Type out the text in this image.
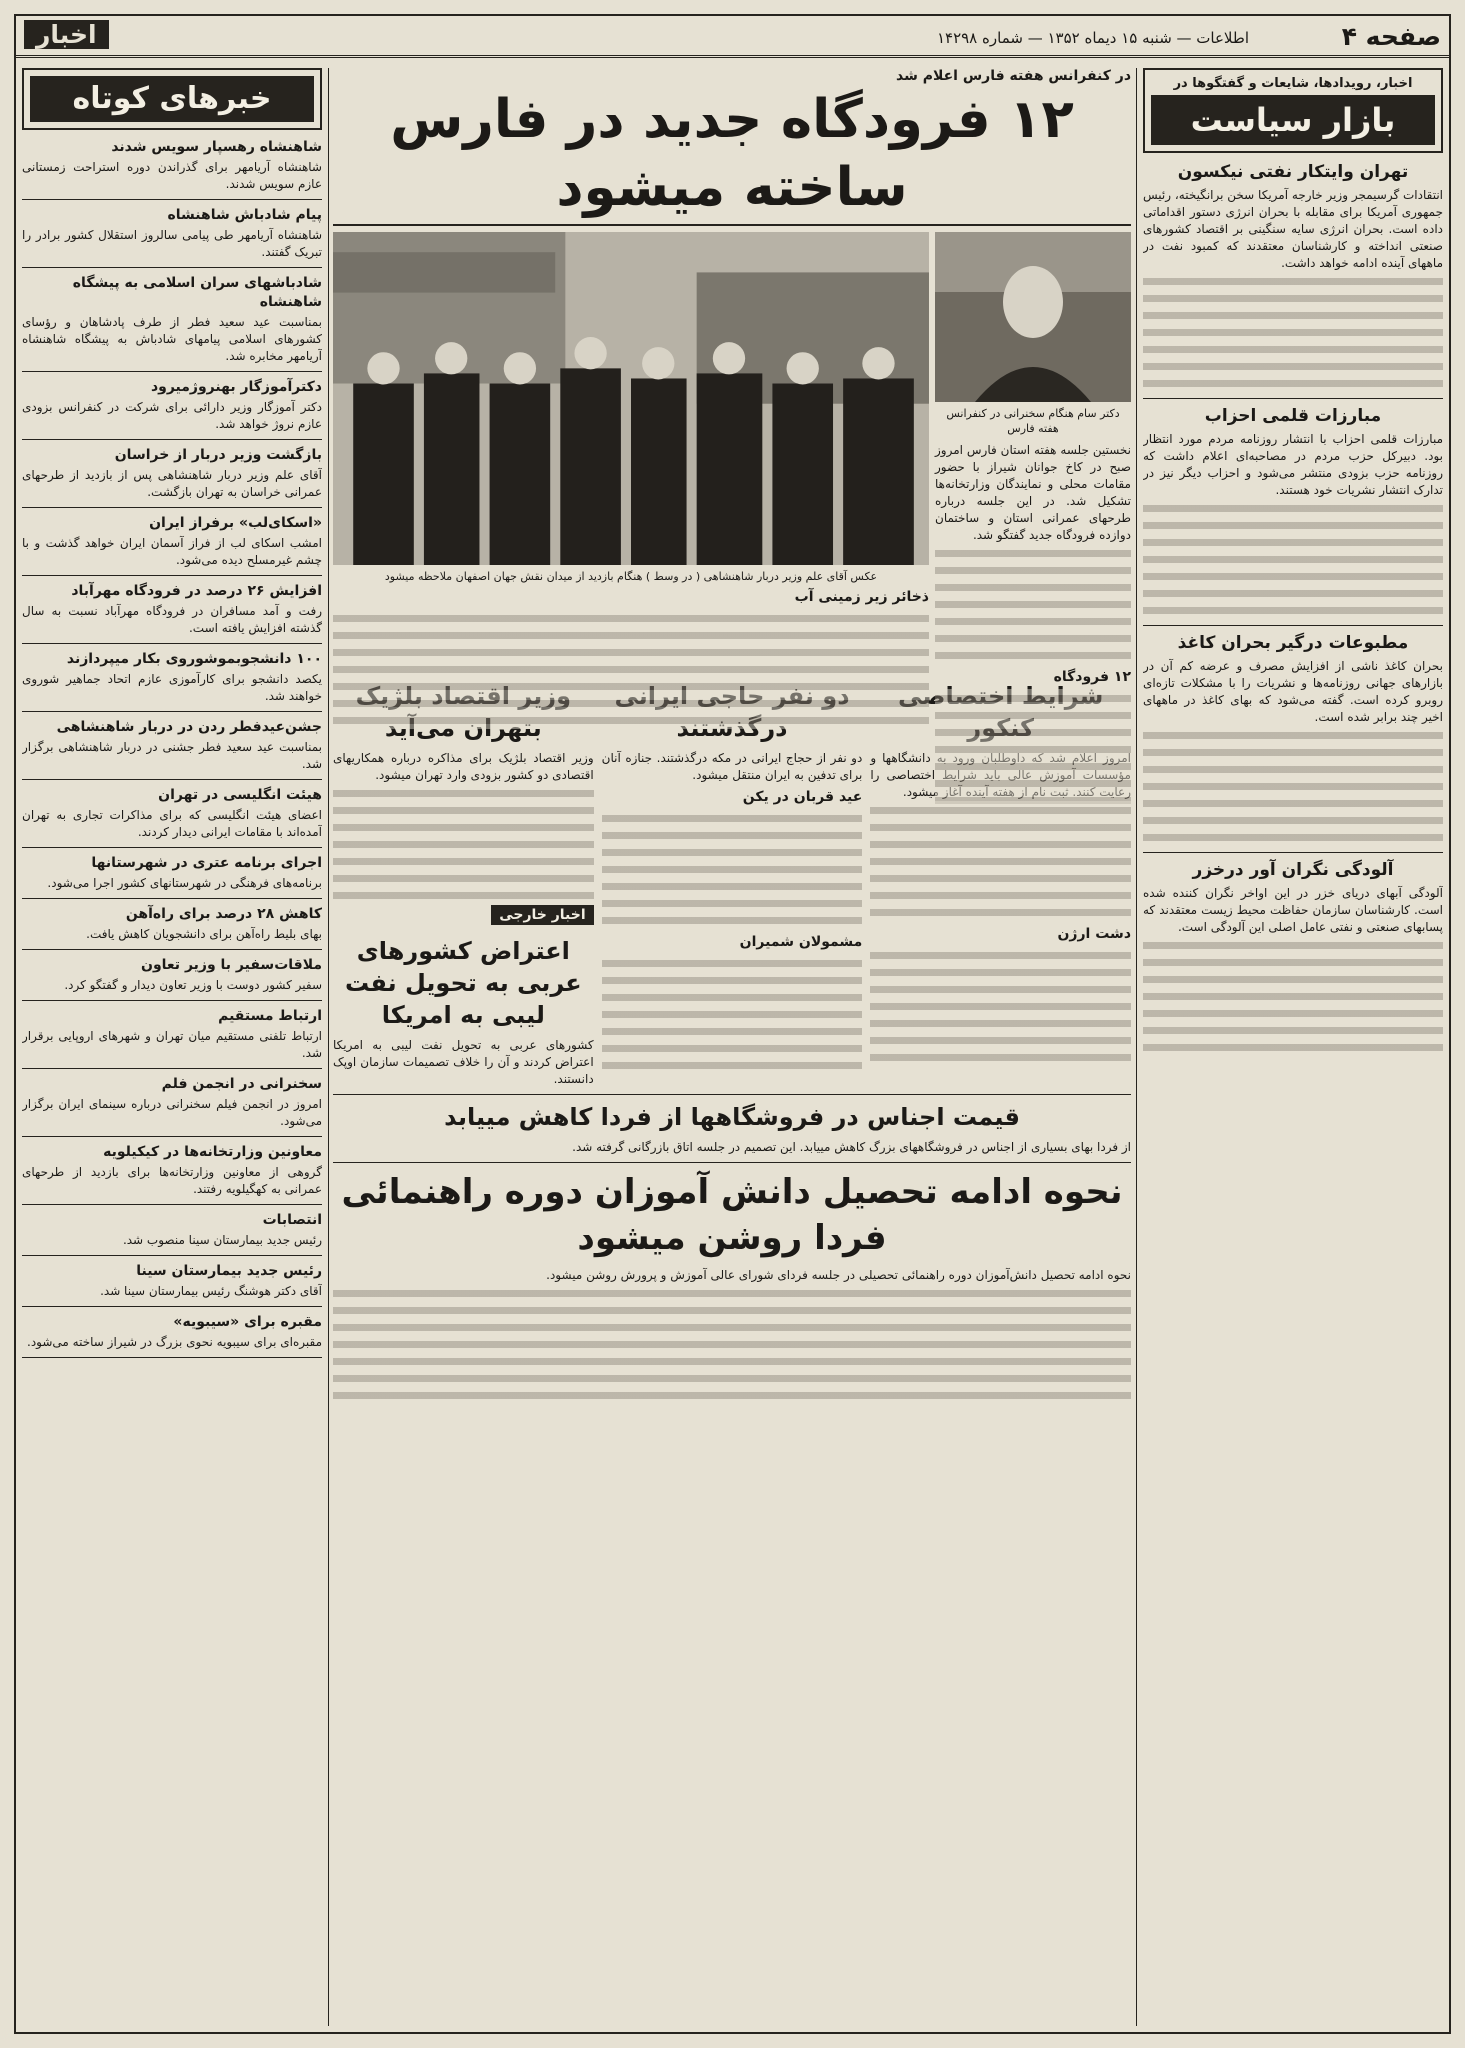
صفحه ۴
اطلاعات — شنبه ۱۵ دیماه ۱۳۵۲ — شماره ۱۴۲۹۸
اخبار
اخبار، رویدادها، شایعات و گفتگوها در
بازار سیاست
تهران وایتکار نفتی نیکسون

انتقادات گرسیمجر وزیر خارجه آمریکا سخن برانگیخته، رئیس جمهوری آمریکا برای مقابله با بحران انرژی دستور اقداماتی داده است. بحران انرژی سایه سنگینی بر اقتصاد کشورهای صنعتی انداخته و کارشناسان معتقدند که کمبود نفت در ماههای آینده ادامه خواهد داشت.

مبارزات قلمی احزاب

مبارزات قلمی احزاب با انتشار روزنامه مردم مورد انتظار بود. دبیرکل حزب مردم در مصاحبه‌ای اعلام داشت که روزنامه حزب بزودی منتشر می‌شود و احزاب دیگر نیز در تدارک انتشار نشریات خود هستند.

مطبوعات درگیر بحران کاغذ

بحران کاغذ ناشی از افزایش مصرف و عرضه کم آن در بازارهای جهانی روزنامه‌ها و نشریات را با مشکلات تازه‌ای روبرو کرده است. گفته می‌شود که بهای کاغذ در ماههای اخیر چند برابر شده است.

آلودگی نگران آور درخزر

آلودگی آبهای دریای خزر در این اواخر نگران کننده شده است. کارشناسان سازمان حفاظت محیط زیست معتقدند که پسابهای صنعتی و نفتی عامل اصلی این آلودگی است.

خبرهای کوتاه
شاهنشاه رهسپار سویس شدند

شاهنشاه آریامهر برای گذراندن دوره استراحت زمستانی عازم سویس شدند.

پیام شادباش شاهنشاه

شاهنشاه آریامهر طی پیامی سالروز استقلال کشور برادر را تبریک گفتند.

شادباشهای سران اسلامی به پیشگاه شاهنشاه

بمناسبت عید سعید فطر از طرف پادشاهان و رؤسای کشورهای اسلامی پیامهای شادباش به پیشگاه شاهنشاه آریامهر مخابره شد.

دکترآموزگار بهنروژمیرود

دکتر آموزگار وزیر دارائی برای شرکت در کنفرانس بزودی عازم نروژ خواهد شد.

بازگشت وزیر دربار از خراسان

آقای علم وزیر دربار شاهنشاهی پس از بازدید از طرحهای عمرانی خراسان به تهران بازگشت.

«اسکای‌لب» برفراز ایران

امشب اسکای لب از فراز آسمان ایران خواهد گذشت و با چشم غیرمسلح دیده می‌شود.

افزایش ۲۶ درصد در فرودگاه مهرآباد

رفت و آمد مسافران در فرودگاه مهرآباد نسبت به سال گذشته افزایش یافته است.

۱۰۰ دانشجوبموشوروی بکار میپردازند

یکصد دانشجو برای کارآموزی عازم اتحاد جماهیر شوروی خواهند شد.

جشن‌عیدفطر ردن در دربار شاهنشاهی

بمناسبت عید سعید فطر جشنی در دربار شاهنشاهی برگزار شد.

هیئت انگلیسی در تهران

اعضای هیئت انگلیسی که برای مذاکرات تجاری به تهران آمده‌اند با مقامات ایرانی دیدار کردند.

اجرای برنامه عتری در شهرستانها

برنامه‌های فرهنگی در شهرستانهای کشور اجرا می‌شود.

کاهش ۲۸ درصد برای راه‌آهن

بهای بلیط راه‌آهن برای دانشجویان کاهش یافت.

ملاقات‌سفیر با وزیر تعاون

سفیر کشور دوست با وزیر تعاون دیدار و گفتگو کرد.

ارتباط مستقیم

ارتباط تلفنی مستقیم میان تهران و شهرهای اروپایی برقرار شد.

سخنرانی در انجمن فلم

امروز در انجمن فیلم سخنرانی درباره سینمای ایران برگزار می‌شود.

معاونین وزارتخانه‌ها در کیکیلویه

گروهی از معاونین وزارتخانه‌ها برای بازدید از طرحهای عمرانی به کهگیلویه رفتند.

انتصابات

رئیس جدید بیمارستان سینا منصوب شد.

رئیس جدید بیمارستان سینا

آقای دکتر هوشنگ رئیس بیمارستان سینا شد.

مقبره برای «سیبویه»

مقبره‌ای برای سیبویه نحوی بزرگ در شیراز ساخته می‌شود.

در کنفرانس هفته فارس اعلام شد
۱۲ فرودگاه جدید در فارس ساخته میشود
دکتر سام هنگام سخنرانی در کنفرانس هفته فارس

نخستین جلسه هفته استان فارس امروز صبح در کاخ جوانان شیراز با حضور مقامات محلی و نمایندگان وزارتخانه‌ها تشکیل شد. در این جلسه درباره طرحهای عمرانی استان و ساختمان دوازده فرودگاه جدید گفتگو شد.

۱۲ فرودگاه

عکس آقای علم وزیر دربار شاهنشاهی ( در وسط ) هنگام بازدید از میدان نقش جهان اصفهان ملاحظه میشود
ذخائر زیر زمینی آب

شرایط اختصاصی کنکور

امروز اعلام شد که داوطلبان ورود به دانشگاهها و مؤسسات آموزش عالی باید شرایط اختصاصی را رعایت کنند. ثبت نام از هفته آینده آغاز میشود.

دشت ارژن

دو نفر حاجی ایرانی درگذشتند

دو نفر از حجاج ایرانی در مکه درگذشتند. جنازه آنان برای تدفین به ایران منتقل میشود.

عید قربان در یکن

مشمولان شمیران

وزیر اقتصاد بلژیک بتهران می‌آید

وزیر اقتصاد بلژیک برای مذاکره درباره همکاریهای اقتصادی دو کشور بزودی وارد تهران میشود.

اخبار خارجی
اعتراض کشورهای عربی به تحویل نفت لیبی به امریکا

کشورهای عربی به تحویل نفت لیبی به امریکا اعتراض کردند و آن را خلاف تصمیمات سازمان اوپک دانستند.

قیمت اجناس در فروشگاهها از فردا کاهش مییابد

از فردا بهای بسیاری از اجناس در فروشگاههای بزرگ کاهش مییابد. این تصمیم در جلسه اتاق بازرگانی گرفته شد.

نحوه ادامه تحصیل دانش آموزان دوره راهنمائی فردا روشن میشود

نحوه ادامه تحصیل دانش‌آموزان دوره راهنمائی تحصیلی در جلسه فردای شورای عالی آموزش و پرورش روشن میشود.
